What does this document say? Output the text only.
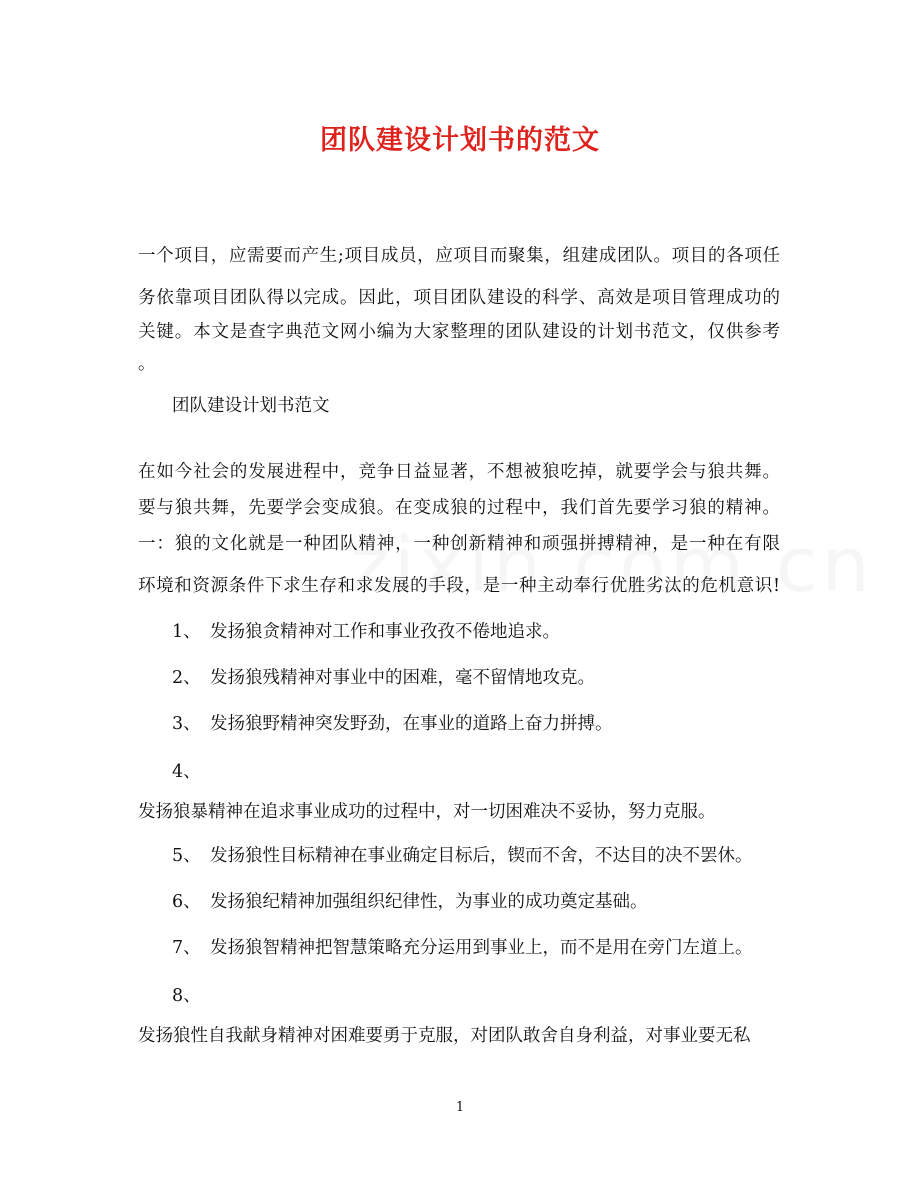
团队建设计划书的范文
一个项目，应需要而产生;项目成员，应项目而聚集，组建成团队。项目的各项任
务依靠项目团队得以完成。因此，项目团队建设的科学、高效是项目管理成功的
关键。本文是查字典范文网小编为大家整理的团队建设的计划书范文，仅供参考
。
团队建设计划书范文
在如今社会的发展进程中，竞争日益显著，不想被狼吃掉，就要学会与狼共舞。
要与狼共舞，先要学会变成狼。在变成狼的过程中，我们首先要学习狼的精神。
一：狼的文化就是一种团队精神，一种创新精神和顽强拼搏精神，是一种在有限
环境和资源条件下求生存和求发展的手段，是一种主动奉行优胜劣汰的危机意识!
1、 发扬狼贪精神对工作和事业孜孜不倦地追求。
2、 发扬狼残精神对事业中的困难，毫不留情地攻克。
3、 发扬狼野精神突发野劲，在事业的道路上奋力拼搏。
4、
发扬狼暴精神在追求事业成功的过程中，对一切困难决不妥协，努力克服。
5、 发扬狼性目标精神在事业确定目标后，锲而不舍，不达目的决不罢休。
6、 发扬狼纪精神加强组织纪律性，为事业的成功奠定基础。
7、 发扬狼智精神把智慧策略充分运用到事业上，而不是用在旁门左道上。
8、
发扬狼性自我献身精神对困难要勇于克服，对团队敢舍自身利益，对事业要无私
1
